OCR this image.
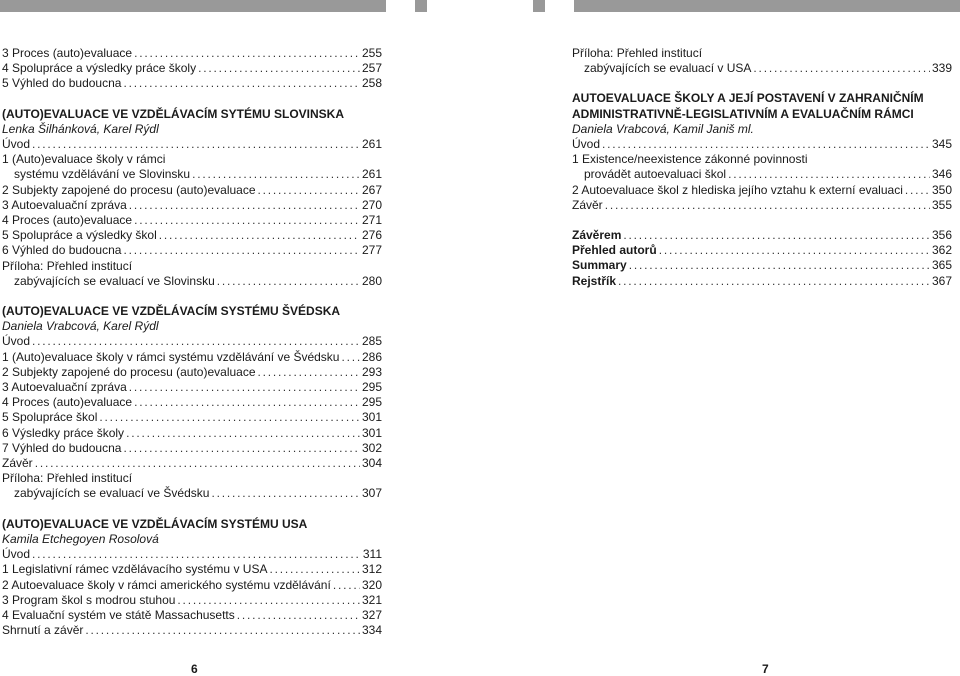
3 Proces (auto)evaluace .....	255
4 Spolupráce a výsledky práce školy .....	257
5 Výhled do budoucna .....	258
(AUTO)EVALUACE VE VZDĚLÁVACÍM SYTÉMU SLOVINSKA
Lenka Šilhánková, Karel Rýdl
Úvod .....	261
1 (Auto)evaluace školy v rámci
systému vzdělávání ve Slovinsku .....	261
2 Subjekty zapojené do procesu (auto)evaluace .....	267
3 Autoevaluační zpráva .....	270
4 Proces (auto)evaluace .....	271
5 Spolupráce a výsledky škol .....	276
6 Výhled do budoucna .....	277
Příloha: Přehled institucí
zabývajících se evaluací ve Slovinsku .....	280
(AUTO)EVALUACE VE VZDĚLÁVACÍM SYSTÉMU ŠVÉDSKA
Daniela Vrabcová, Karel Rýdl
Úvod .....	285
1 (Auto)evaluace školy v rámci systému vzdělávání ve Švédsku ..... 286
2 Subjekty zapojené do procesu (auto)evaluace .....	293
3 Autoevaluační zpráva .....	295
4 Proces (auto)evaluace .....	295
5 Spolupráce škol .....	301
6 Výsledky práce školy .....	301
7 Výhled do budoucna .....	302
Závěr .....	304
Příloha: Přehled institucí
zabývajících se evaluací ve Švédsku .....	307
(AUTO)EVALUACE VE VZDĚLÁVACÍM SYSTÉMU USA
Kamila Etchegoyen Rosolová
Úvod .....	311
1 Legislativní rámec vzdělávacího systému v USA .....	312
2 Autoevaluace školy v rámci amerického systému vzdělávání .....	320
3 Program škol s modrou stuhou .....	321
4 Evaluační systém ve státě Massachusetts .....	327
Shrnutí a závěr .....	334
Příloha: Přehled institucí
zabývajících se evaluací v USA .....	339
AUTOEVALUACE ŠKOLY A JEJÍ POSTAVENÍ V ZAHRANIČNÍM
ADMINISTRATIVNĚ-LEGISLATIVNÍM A EVALUAČNÍM RÁMCI
Daniela Vrabcová, Kamil Janiš ml.
Úvod .....	345
1 Existence/neexistence zákonné povinnosti
provádět autoevaluaci škol .....	346
2 Autoevaluace škol z hlediska jejího vztahu k externí evaluaci ..... 350
Závěr .....	355
Závěrem .....	356
Přehled autorů .....	362
Summary .....	365
Rejstřík .....	367
6	7
